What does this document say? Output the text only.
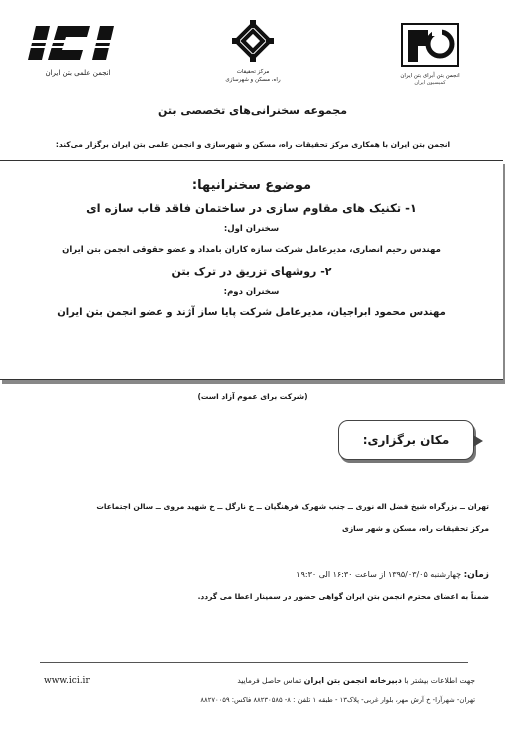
انجمن علمی بتن ایران	مرکز تحقیقات
راه، مسکن و شهرسازی
انجمن بتن آبرای بتن ایران
کمیسیون ایران
مجموعه سخنرانی‌های تخصصی بتن
انجمن بتن ایران با همکاری مرکز تحقیقات راه، مسکن و شهرسازی و انجمن علمی بتن ایران برگزار می‌کند:
موضوع سخنرانیها:
۱- تکنیک های مقاوم سازی در ساختمان فاقد قاب سازه ای
سخنران اول:
مهندس رحیم انصاری، مدیرعامل شرکت سازه کاران بامداد و عضو حقوقی انجمن بتن ایران
۲- روشهای تزریق در ترک بتن
سخنران دوم:
مهندس محمود ابراجیان، مدیرعامل شرکت پایا ساز آژند و عضو انجمن بتن ایران
(شرکت برای عموم آزاد است)
مکان برگزاری:
تهران ــ بزرگراه شیخ فضل اله نوری ــ جنب شهرک فرهنگیان ــ خ نارگل ــ خ شهید مروی ــ سالن اجتماعات
مرکز تحقیقات راه، مسکن و شهر سازی
زمان: چهارشنبه ۱۳۹۵/۰۳/۰۵ از ساعت ۱۶:۳۰ الی ۱۹:۳۰
ضمناً به اعضای محترم انجمن بتن ایران گواهی حضور در سمینار اعطا می گردد.
www.ici.ir	جهت اطلاعات بیشتر با دبیرخانه انجمن بتن ایران تماس حاصل فرمایید
تهران- شهرآرا- خ آرش مهر، بلوار غربی- پلاک۱۳ - طبقه ۱ تلفن : ۸- ۸۸۲۳۰۵۸۵ فاکس: ۸۸۲۷۰۰۵۹
